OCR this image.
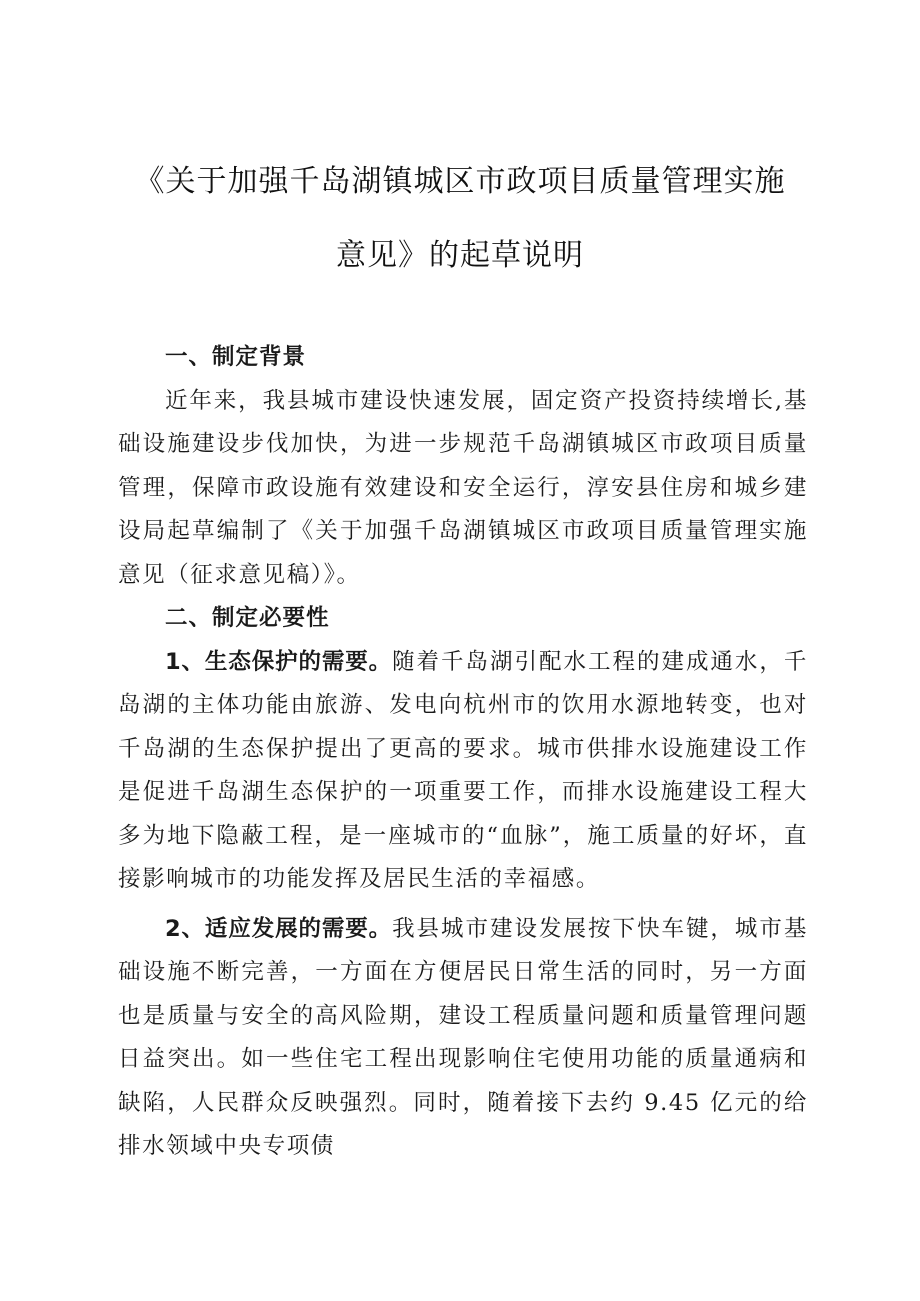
《关于加强千岛湖镇城区市政项目质量管理实施
意见》的起草说明

一、制定背景

近年来，我县城市建设快速发展，固定资产投资持续增长,基础设施建设步伐加快，为进一步规范千岛湖镇城区市政项目质量管理，保障市政设施有效建设和安全运行，淳安县住房和城乡建设局起草编制了《关于加强千岛湖镇城区市政项目质量管理实施意见（征求意见稿）》。

二、制定必要性

1、生态保护的需要。随着千岛湖引配水工程的建成通水，千岛湖的主体功能由旅游、发电向杭州市的饮用水源地转变，也对千岛湖的生态保护提出了更高的要求。城市供排水设施建设工作是促进千岛湖生态保护的一项重要工作，而排水设施建设工程大多为地下隐蔽工程，是一座城市的“血脉”，施工质量的好坏，直接影响城市的功能发挥及居民生活的幸福感。

2、适应发展的需要。我县城市建设发展按下快车键，城市基础设施不断完善，一方面在方便居民日常生活的同时，另一方面也是质量与安全的高风险期，建设工程质量问题和质量管理问题日益突出。如一些住宅工程出现影响住宅使用功能的质量通病和缺陷，人民群众反映强烈。同时，随着接下去约 9.45 亿元的给排水领域中央专项债
